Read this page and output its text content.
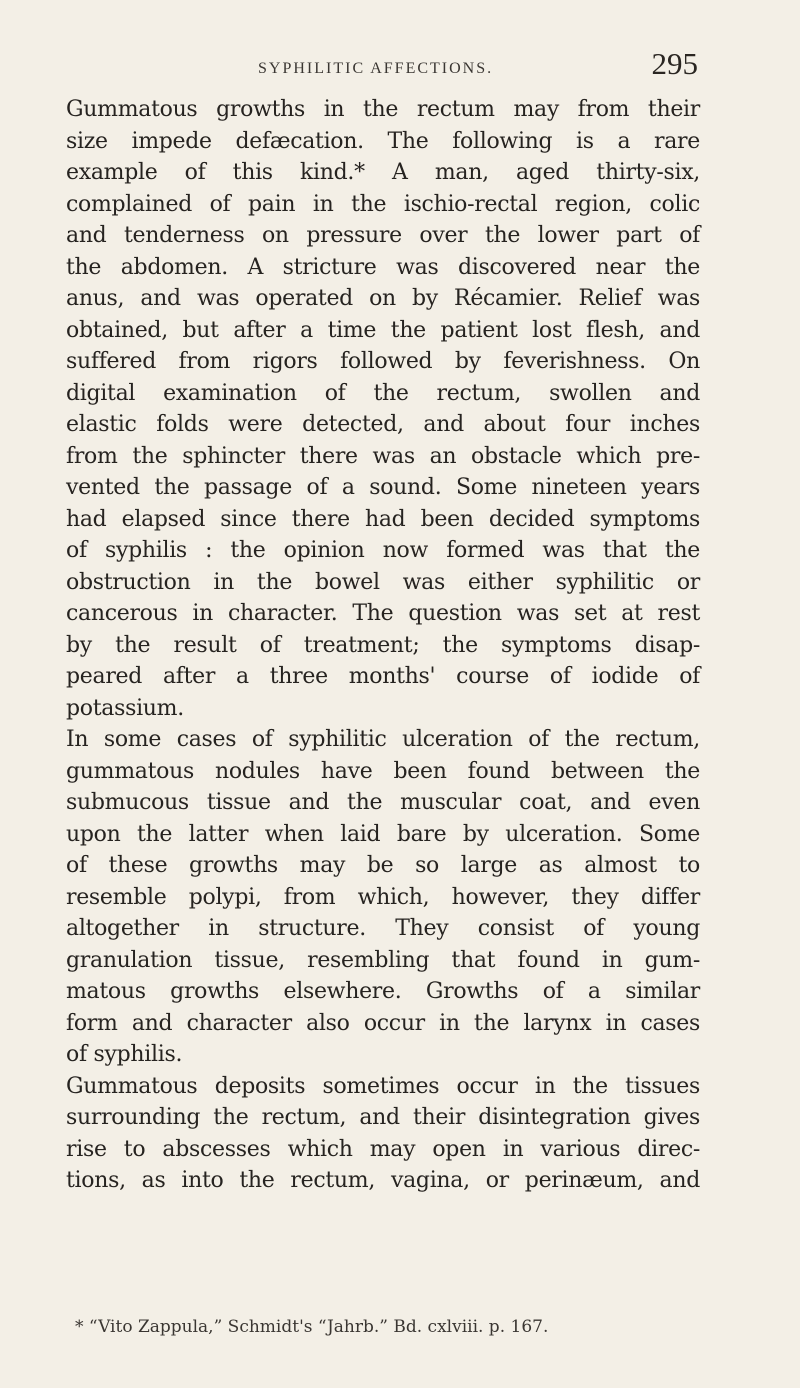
SYPHILITIC AFFECTIONS.	295
Gummatous growths in the rectum may from their
size impede defæcation. The following is a rare
example of this kind.* A man, aged thirty-six,
complained of pain in the ischio-rectal region, colic
and tenderness on pressure over the lower part of
the abdomen. A stricture was discovered near the
anus, and was operated on by Récamier. Relief was
obtained, but after a time the patient lost flesh, and
suffered from rigors followed by feverishness. On
digital examination of the rectum, swollen and
elastic folds were detected, and about four inches
from the sphincter there was an obstacle which pre-
vented the passage of a sound. Some nineteen years
had elapsed since there had been decided symptoms
of syphilis : the opinion now formed was that the
obstruction in the bowel was either syphilitic or
cancerous in character. The question was set at rest
by the result of treatment; the symptoms disap-
peared after a three months' course of iodide of
potassium.
In some cases of syphilitic ulceration of the rectum,
gummatous nodules have been found between the
submucous tissue and the muscular coat, and even
upon the latter when laid bare by ulceration. Some
of these growths may be so large as almost to
resemble polypi, from which, however, they differ
altogether in structure. They consist of young
granulation tissue, resembling that found in gum-
matous growths elsewhere. Growths of a similar
form and character also occur in the larynx in cases
of syphilis.
Gummatous deposits sometimes occur in the tissues
surrounding the rectum, and their disintegration gives
rise to abscesses which may open in various direc-
tions, as into the rectum, vagina, or perinæum, and
* “Vito Zappula,” Schmidt's “Jahrb.” Bd. cxlviii. p. 167.
